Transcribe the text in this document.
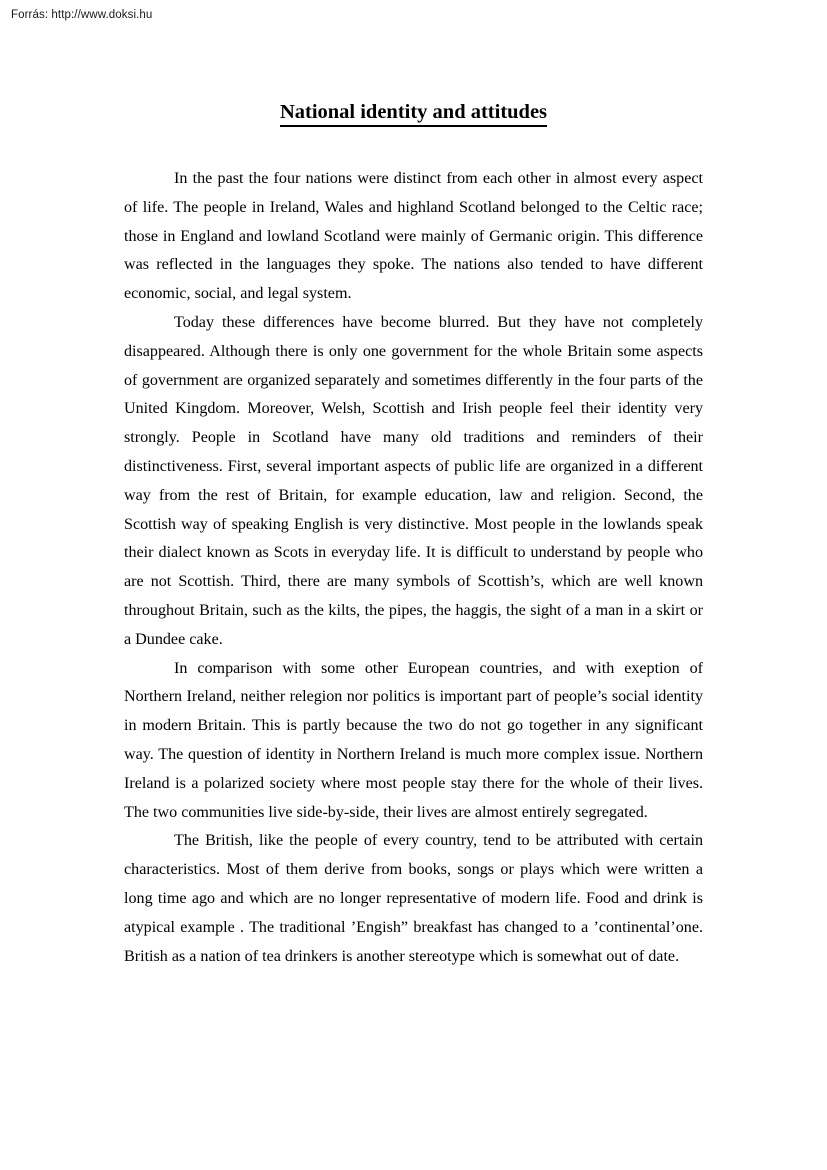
Forrás: http://www.doksi.hu
National identity and attitudes

In the past the four nations were distinct from each other in almost every aspect of life. The people in Ireland, Wales and highland Scotland belonged to the Celtic race; those in England and lowland Scotland were mainly of Germanic origin. This difference was reflected in the languages they spoke. The nations also tended to have different economic, social, and legal system.

Today these differences have become blurred. But they have not completely disappeared. Although there is only one government for the whole Britain some aspects of government are organized separately and sometimes differently in the four parts of the United Kingdom. Moreover, Welsh, Scottish and Irish people feel their identity very strongly. People in Scotland have many old traditions and reminders of their distinctiveness. First, several important aspects of public life are organized in a different way from the rest of Britain, for example education, law and religion. Second, the Scottish way of speaking English is very distinctive. Most people in the lowlands speak their dialect known as Scots in everyday life. It is difficult to understand by people who are not Scottish. Third, there are many symbols of Scottish’s, which are well known throughout Britain, such as the kilts, the pipes, the haggis, the sight of a man in a skirt or a Dundee cake.

In comparison with some other European countries, and with exeption of Northern Ireland, neither relegion nor politics is important part of people’s social identity in modern Britain. This is partly because the two do not go together in any significant way. The question of identity in Northern Ireland is much more complex issue. Northern Ireland is a polarized society where most people stay there for the whole of their lives. The two communities live side-by-side, their lives are almost entirely segregated.

The British, like the people of every country, tend to be attributed with certain characteristics. Most of them derive from books, songs or plays which were written a long time ago and which are no longer representative of modern life. Food and drink is atypical example . The traditional ’Engish” breakfast has changed to a ’continental’one. British as a nation of tea drinkers is another stereotype which is somewhat out of date.
